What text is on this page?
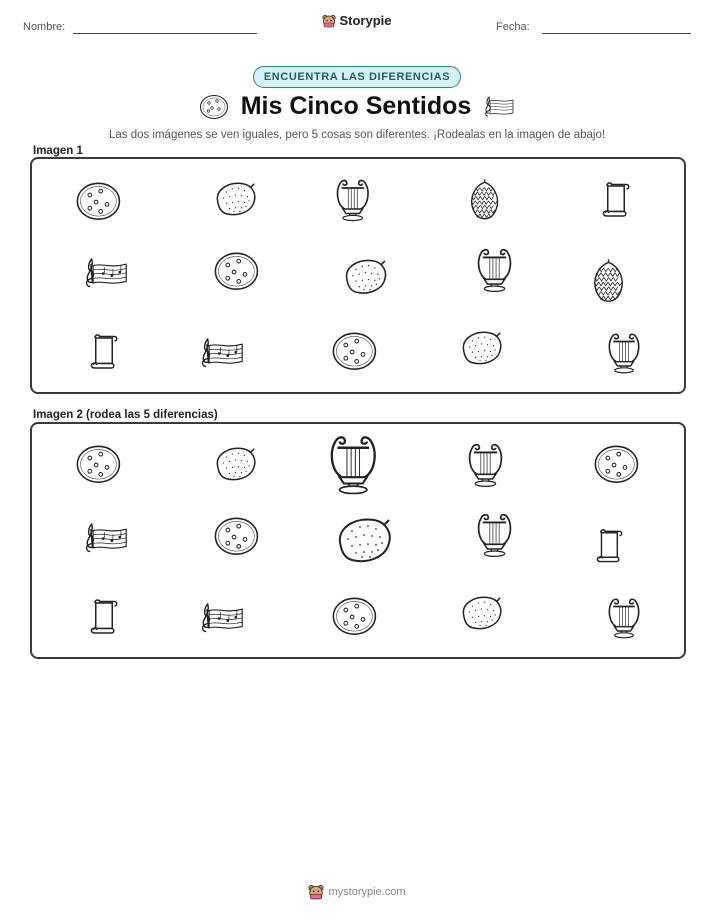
Nombre:	Storypie	Fecha:
ENCUENTRA LAS DIFERENCIAS
Mis Cinco Sentidos
Las dos imágenes se ven iguales, pero 5 cosas son diferentes. ¡Rodealas en la imagen de abajo!
Imagen 1
Imagen 2 (rodea las 5 diferencias)
mystorypie.com
